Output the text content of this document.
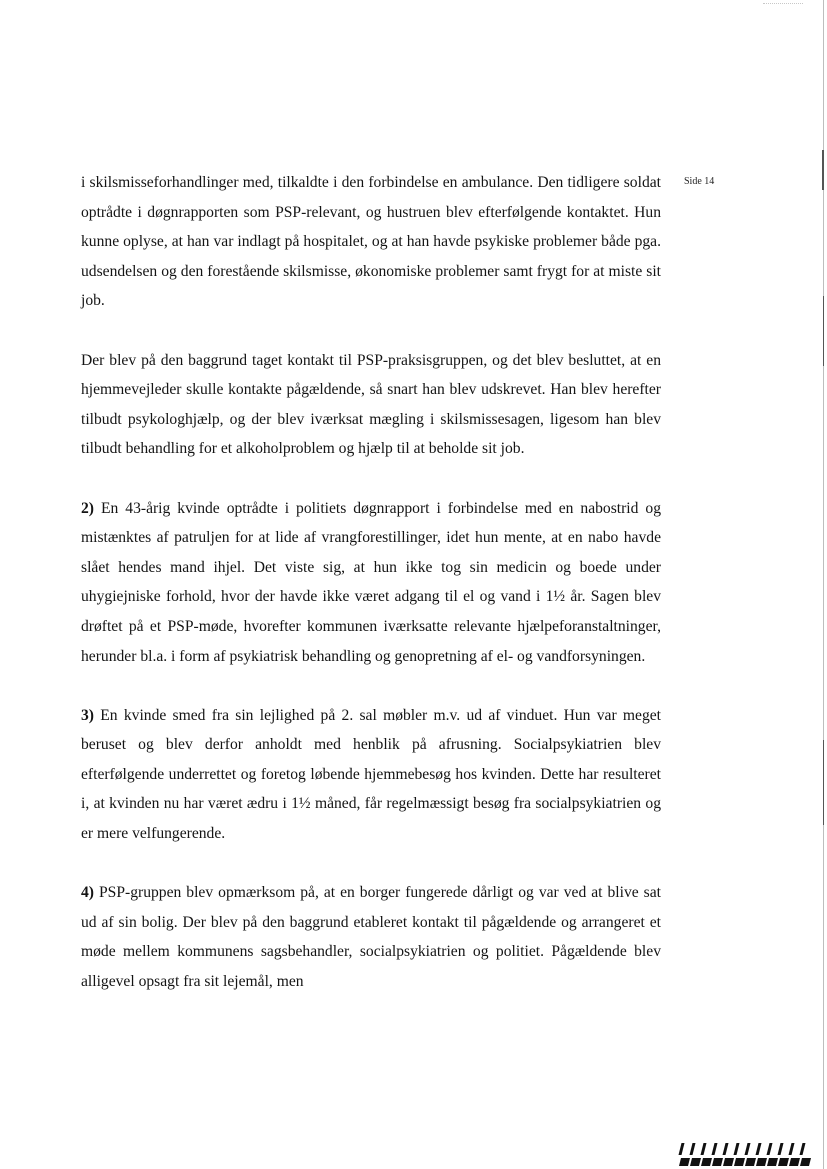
Side 14

i skilsmisseforhandlinger med, tilkaldte i den forbindelse en ambulance. Den tidligere soldat optrådte i døgnrapporten som PSP-relevant, og hustruen blev efterfølgende kontaktet. Hun kunne oplyse, at han var indlagt på hospitalet, og at han havde psykiske problemer både pga. udsendelsen og den forestående skilsmisse, økonomiske problemer samt frygt for at miste sit job.

Der blev på den baggrund taget kontakt til PSP-praksisgruppen, og det blev besluttet, at en hjemmevejleder skulle kontakte pågældende, så snart han blev udskrevet. Han blev herefter tilbudt psykologhjælp, og der blev iværksat mægling i skilsmissesagen, ligesom han blev tilbudt behandling for et alkoholproblem og hjælp til at beholde sit job.

2) En 43-årig kvinde optrådte i politiets døgnrapport i forbindelse med en nabostrid og mistænktes af patruljen for at lide af vrangforestillinger, idet hun mente, at en nabo havde slået hendes mand ihjel. Det viste sig, at hun ikke tog sin medicin og boede under uhygiejniske forhold, hvor der havde ikke været adgang til el og vand i 1½ år. Sagen blev drøftet på et PSP-møde, hvorefter kommunen iværksatte relevante hjælpeforanstaltninger, herunder bl.a. i form af psykiatrisk behandling og genopretning af el- og vandforsyningen.

3) En kvinde smed fra sin lejlighed på 2. sal møbler m.v. ud af vinduet. Hun var meget beruset og blev derfor anholdt med henblik på afrusning. Socialpsykiatrien blev efterfølgende underrettet og foretog løbende hjemmebesøg hos kvinden. Dette har resulteret i, at kvinden nu har været ædru i 1½ måned, får regelmæssigt besøg fra socialpsykiatrien og er mere velfungerende.

4) PSP-gruppen blev opmærksom på, at en borger fungerede dårligt og var ved at blive sat ud af sin bolig. Der blev på den baggrund etableret kontakt til pågældende og arrangeret et møde mellem kommunens sagsbehandler, socialpsykiatrien og politiet. Pågældende blev alligevel opsagt fra sit lejemål, men
